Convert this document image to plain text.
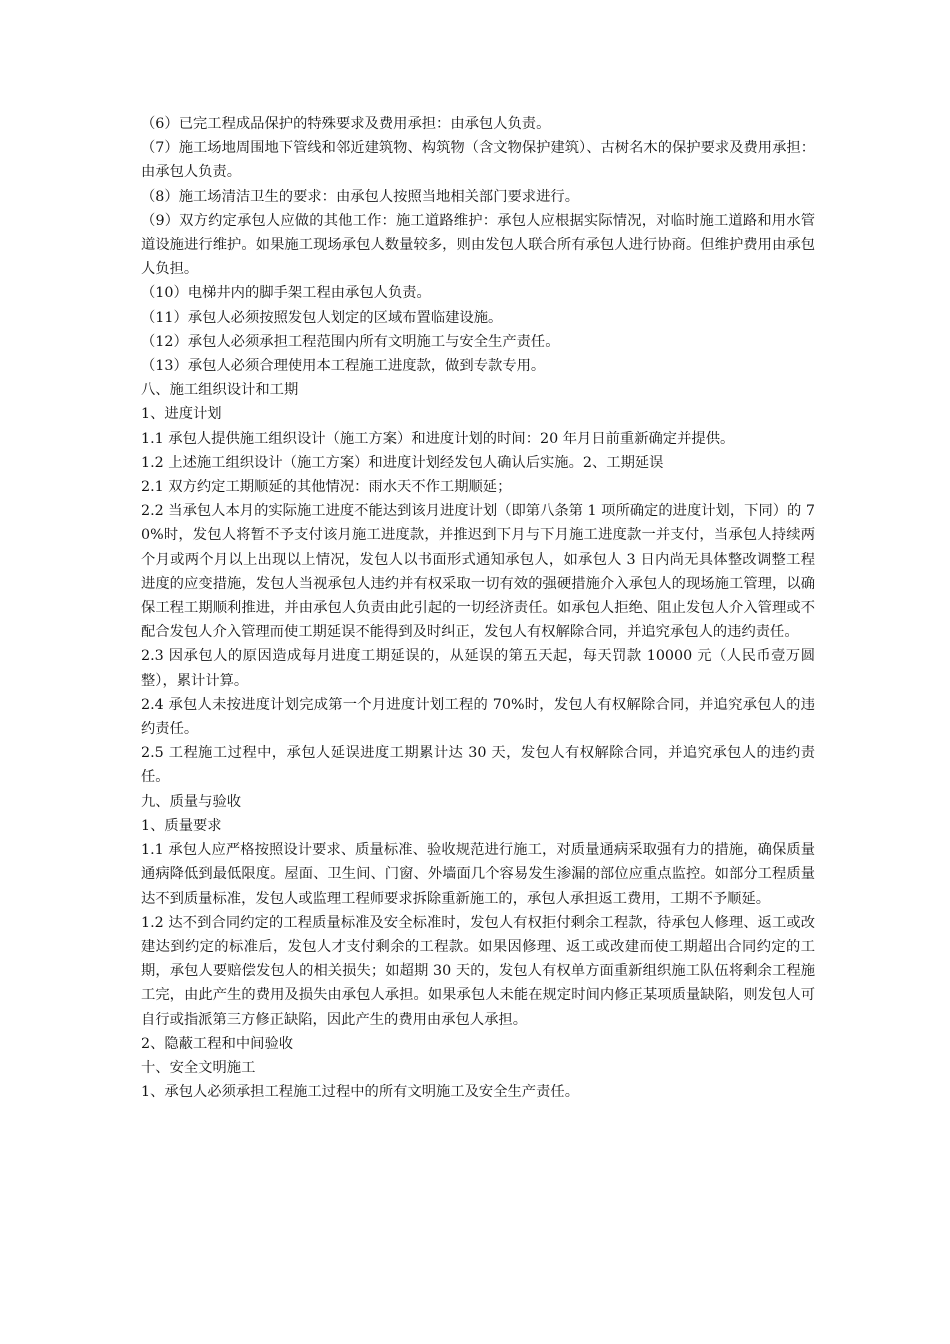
（6）已完工程成品保护的特殊要求及费用承担：由承包人负责。

（7）施工场地周围地下管线和邻近建筑物、构筑物（含文物保护建筑）、古树名木的保护要求及费用承担：由承包人负责。

（8）施工场清洁卫生的要求：由承包人按照当地相关部门要求进行。

（9）双方约定承包人应做的其他工作：施工道路维护：承包人应根据实际情况，对临时施工道路和用水管道设施进行维护。如果施工现场承包人数量较多，则由发包人联合所有承包人进行协商。但维护费用由承包人负担。

（10）电梯井内的脚手架工程由承包人负责。

（11）承包人必须按照发包人划定的区域布置临建设施。

（12）承包人必须承担工程范围内所有文明施工与安全生产责任。

（13）承包人必须合理使用本工程施工进度款，做到专款专用。

八、施工组织设计和工期

1、进度计划

1.1 承包人提供施工组织设计（施工方案）和进度计划的时间：20 年月日前重新确定并提供。

1.2 上述施工组织设计（施工方案）和进度计划经发包人确认后实施。2、工期延误

2.1 双方约定工期顺延的其他情况：雨水天不作工期顺延；

2.2 当承包人本月的实际施工进度不能达到该月进度计划（即第八条第 1 项所确定的进度计划，下同）的 70%时，发包人将暂不予支付该月施工进度款，并推迟到下月与下月施工进度款一并支付，当承包人持续两个月或两个月以上出现以上情况，发包人以书面形式通知承包人，如承包人 3 日内尚无具体整改调整工程进度的应变措施，发包人当视承包人违约并有权采取一切有效的强硬措施介入承包人的现场施工管理，以确保工程工期顺利推进，并由承包人负责由此引起的一切经济责任。如承包人拒绝、阻止发包人介入管理或不配合发包人介入管理而使工期延误不能得到及时纠正，发包人有权解除合同，并追究承包人的违约责任。

2.3 因承包人的原因造成每月进度工期延误的，从延误的第五天起，每天罚款 10000 元（人民币壹万圆整），累计计算。

2.4 承包人未按进度计划完成第一个月进度计划工程的 70%时，发包人有权解除合同，并追究承包人的违约责任。

2.5 工程施工过程中，承包人延误进度工期累计达 30 天，发包人有权解除合同，并追究承包人的违约责任。

九、质量与验收

1、质量要求

1.1 承包人应严格按照设计要求、质量标准、验收规范进行施工，对质量通病采取强有力的措施，确保质量通病降低到最低限度。屋面、卫生间、门窗、外墙面几个容易发生渗漏的部位应重点监控。如部分工程质量达不到质量标准，发包人或监理工程师要求拆除重新施工的，承包人承担返工费用，工期不予顺延。

1.2 达不到合同约定的工程质量标准及安全标准时，发包人有权拒付剩余工程款，待承包人修理、返工或改建达到约定的标准后，发包人才支付剩余的工程款。如果因修理、返工或改建而使工期超出合同约定的工期，承包人要赔偿发包人的相关损失；如超期 30 天的，发包人有权单方面重新组织施工队伍将剩余工程施工完，由此产生的费用及损失由承包人承担。如果承包人未能在规定时间内修正某项质量缺陷，则发包人可自行或指派第三方修正缺陷，因此产生的费用由承包人承担。

2、隐蔽工程和中间验收

十、安全文明施工

1、承包人必须承担工程施工过程中的所有文明施工及安全生产责任。
